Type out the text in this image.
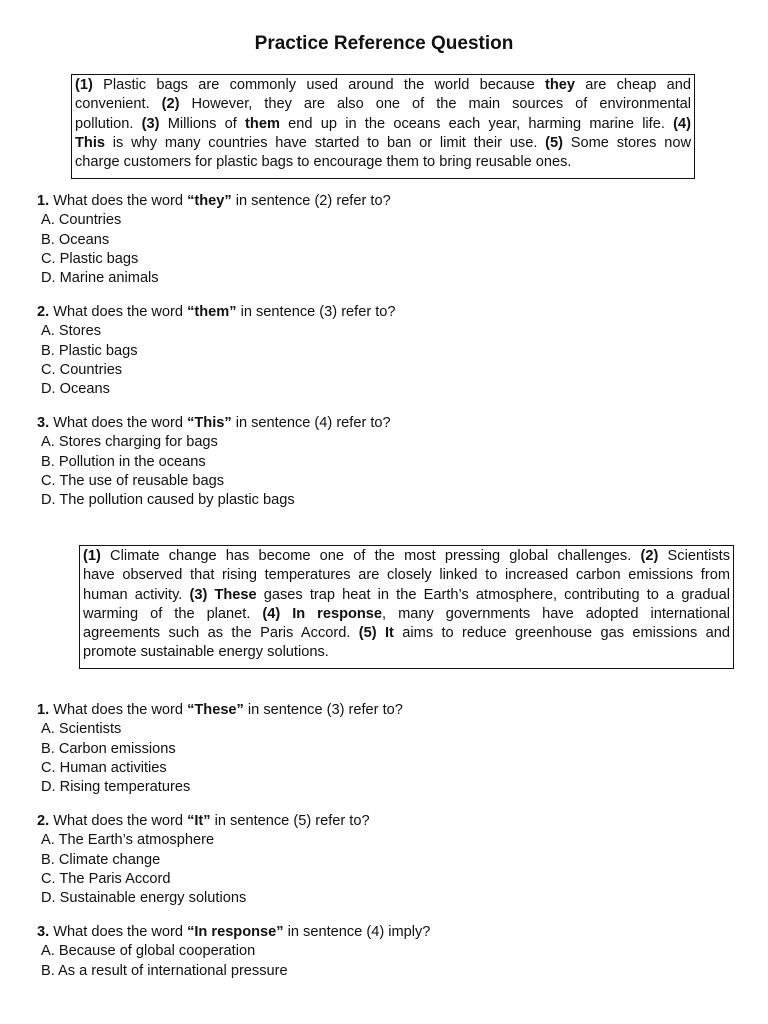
Practice Reference Question
(1) Plastic bags are commonly used around the world because they are cheap and
convenient. (2) However, they are also one of the main sources of environmental
pollution. (3) Millions of them end up in the oceans each year, harming marine life. (4)
This is why many countries have started to ban or limit their use. (5) Some stores now
charge customers for plastic bags to encourage them to bring reusable ones.
1. What does the word “they” in sentence (2) refer to?
A. Countries
B. Oceans
C. Plastic bags
D. Marine animals
2. What does the word “them” in sentence (3) refer to?
A. Stores
B. Plastic bags
C. Countries
D. Oceans
3. What does the word “This” in sentence (4) refer to?
A. Stores charging for bags
B. Pollution in the oceans
C. The use of reusable bags
D. The pollution caused by plastic bags
(1) Climate change has become one of the most pressing global challenges. (2) Scientists
have observed that rising temperatures are closely linked to increased carbon emissions from
human activity. (3) These gases trap heat in the Earth’s atmosphere, contributing to a gradual
warming of the planet. (4) In response, many governments have adopted international
agreements such as the Paris Accord. (5) It aims to reduce greenhouse gas emissions and
promote sustainable energy solutions.
1. What does the word “These” in sentence (3) refer to?
A. Scientists
B. Carbon emissions
C. Human activities
D. Rising temperatures
2. What does the word “It” in sentence (5) refer to?
A. The Earth’s atmosphere
B. Climate change
C. The Paris Accord
D. Sustainable energy solutions
3. What does the word “In response” in sentence (4) imply?
A. Because of global cooperation
B. As a result of international pressure
